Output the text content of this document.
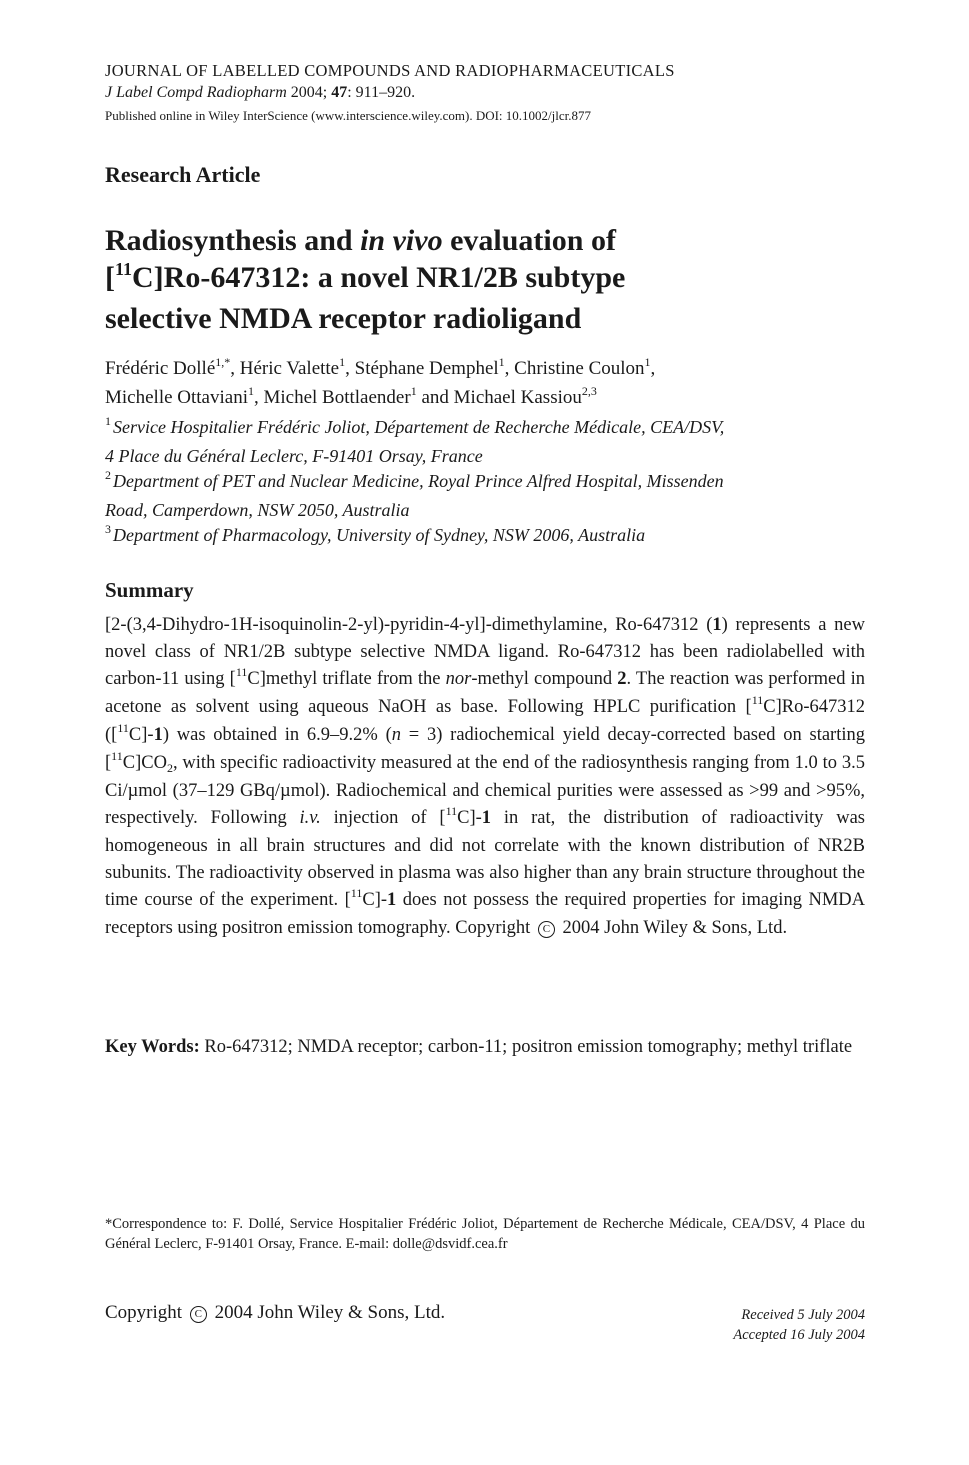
JOURNAL OF LABELLED COMPOUNDS AND RADIOPHARMACEUTICALS
J Label Compd Radiopharm 2004; 47: 911–920.
Published online in Wiley InterScience (www.interscience.wiley.com). DOI: 10.1002/jlcr.877
Research Article
Radiosynthesis and in vivo evaluation of
[$^{11}$C]Ro-647312: a novel NR1/2B subtype
selective NMDA receptor radioligand
Frédéric Dollé$^{1,*}$, Héric Valette$^1$, Stéphane Demphel$^1$, Christine Coulon$^1$,
Michelle Ottaviani$^1$, Michel Bottlaender$^1$ and Michael Kassiou$^{2,3}$
$^1$ Service Hospitalier Frédéric Joliot, Département de Recherche Médicale, CEA/DSV,
4 Place du Général Leclerc, F-91401 Orsay, France
$^2$ Department of PET and Nuclear Medicine, Royal Prince Alfred Hospital, Missenden
Road, Camperdown, NSW 2050, Australia
$^3$ Department of Pharmacology, University of Sydney, NSW 2006, Australia
Summary
[2-(3,4-Dihydro-1H-isoquinolin-2-yl)-pyridin-4-yl]-dimethylamine, Ro-647312 (1) represents a new novel class of NR1/2B subtype selective NMDA ligand. Ro-647312 has been radiolabelled with carbon-11 using [$^{11}$C]methyl triflate from the nor-methyl compound 2. The reaction was performed in acetone as solvent using aqueous NaOH as base. Following HPLC purification [$^{11}$C]Ro-647312 ([$^{11}$C]-1) was obtained in 6.9–9.2% (n = 3) radiochemical yield decay-corrected based on starting $[^{11}C]CO_2$, with specific radioactivity measured at the end of the radiosynthesis ranging from 1.0 to 3.5 Ci/µmol (37–129 GBq/µmol). Radiochemical and chemical purities were assessed as >99 and >95%, respectively. Following i.v. injection of [$^{11}$C]-1 in rat, the distribution of radioactivity was homogeneous in all brain structures and did not correlate with the known distribution of NR2B subunits. The radioactivity observed in plasma was also higher than any brain structure throughout the time course of the experiment. [$^{11}$C]-1 does not possess the required properties for imaging NMDA receptors using positron emission tomography. Copyright C 2004 John Wiley & Sons, Ltd.
Key Words: Ro-647312; NMDA receptor; carbon-11; positron emission tomography; methyl triflate
*Correspondence to: F. Dollé, Service Hospitalier Frédéric Joliot, Département de Recherche Médicale, CEA/DSV, 4 Place du Général Leclerc, F-91401 Orsay, France. E-mail: dolle@dsvidf.cea.fr
Copyright C 2004 John Wiley & Sons, Ltd.	Received 5 July 2004
Accepted 16 July 2004
